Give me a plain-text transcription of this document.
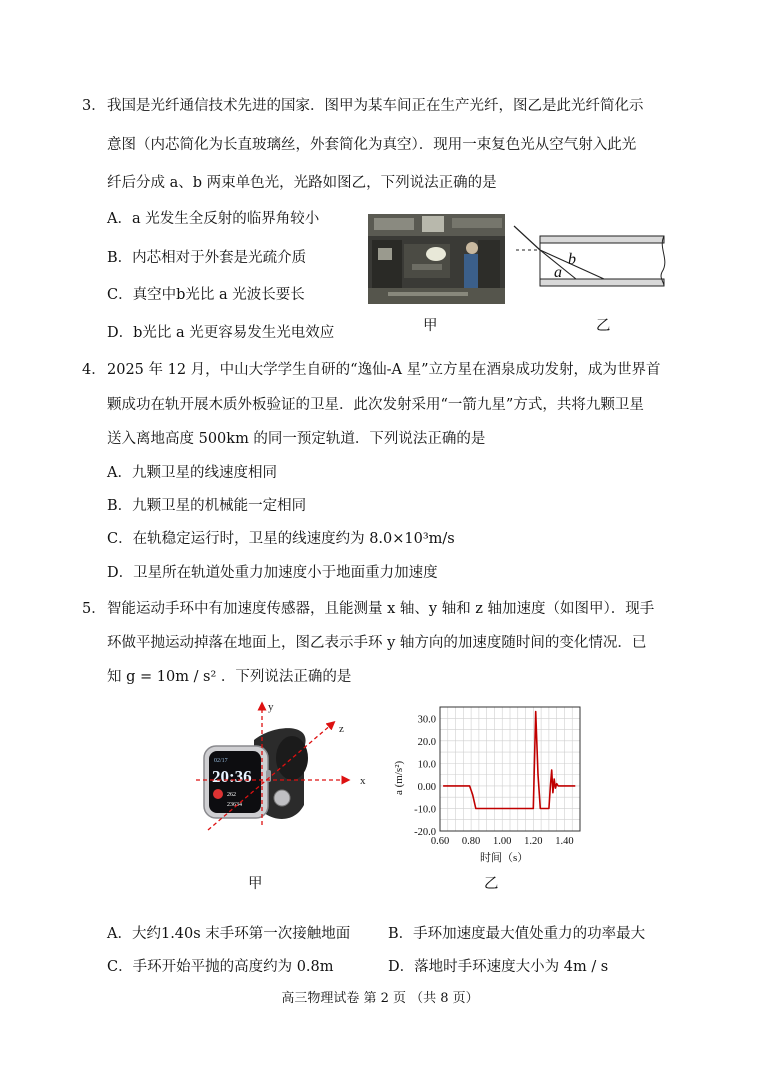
3． 我国是光纤通信技术先进的国家．图甲为某车间正在生产光纤，图乙是此光纤简化示
意图（内芯简化为长直玻璃丝，外套简化为真空）．现用一束复色光从空气射入此光
纤后分成 a、b 两束单色光，光路如图乙，下列说法正确的是
A．a 光发生全反射的临界角较小
B．内芯相对于外套是光疏介质
C．真空中b光比 a 光波长要长
D．b光比 a 光更容易发生光电效应	甲
b
a
乙
4． 2025 年 12 月，中山大学学生自研的“逸仙-A 星”立方星在酒泉成功发射，成为世界首
颗成功在轨开展木质外板验证的卫星．此次发射采用“一箭九星”方式，共将九颗卫星
送入离地高度 500km 的同一预定轨道．下列说法正确的是
A．九颗卫星的线速度相同
B．九颗卫星的机械能一定相同
C．在轨稳定运行时，卫星的线速度约为 8.0×10³m/s
D．卫星所在轨道处重力加速度小于地面重力加速度
5． 智能运动手环中有加速度传感器，且能测量 x 轴、y 轴和 z 轴加速度（如图甲）．现手
环做平抛运动掉落在地面上，图乙表示手环 y 轴方向的加速度随时间的变化情况．已
知 g = 10m / s² ．下列说法正确的是
02/17
20:36
262
23634
y
z
x
甲
30.0
20.0
10.0
0.00
-10.0
-20.0
0.60 0.80 1.00 1.20 1.40
a (m/s²)
时间（s）
乙
A．大约1.40s 末手环第一次接触地面	B．手环加速度最大值处重力的功率最大
C．手环开始平抛的高度约为 0.8m	D．落地时手环速度大小为 4m / s
高三物理试卷 第 2 页 （共 8 页）
